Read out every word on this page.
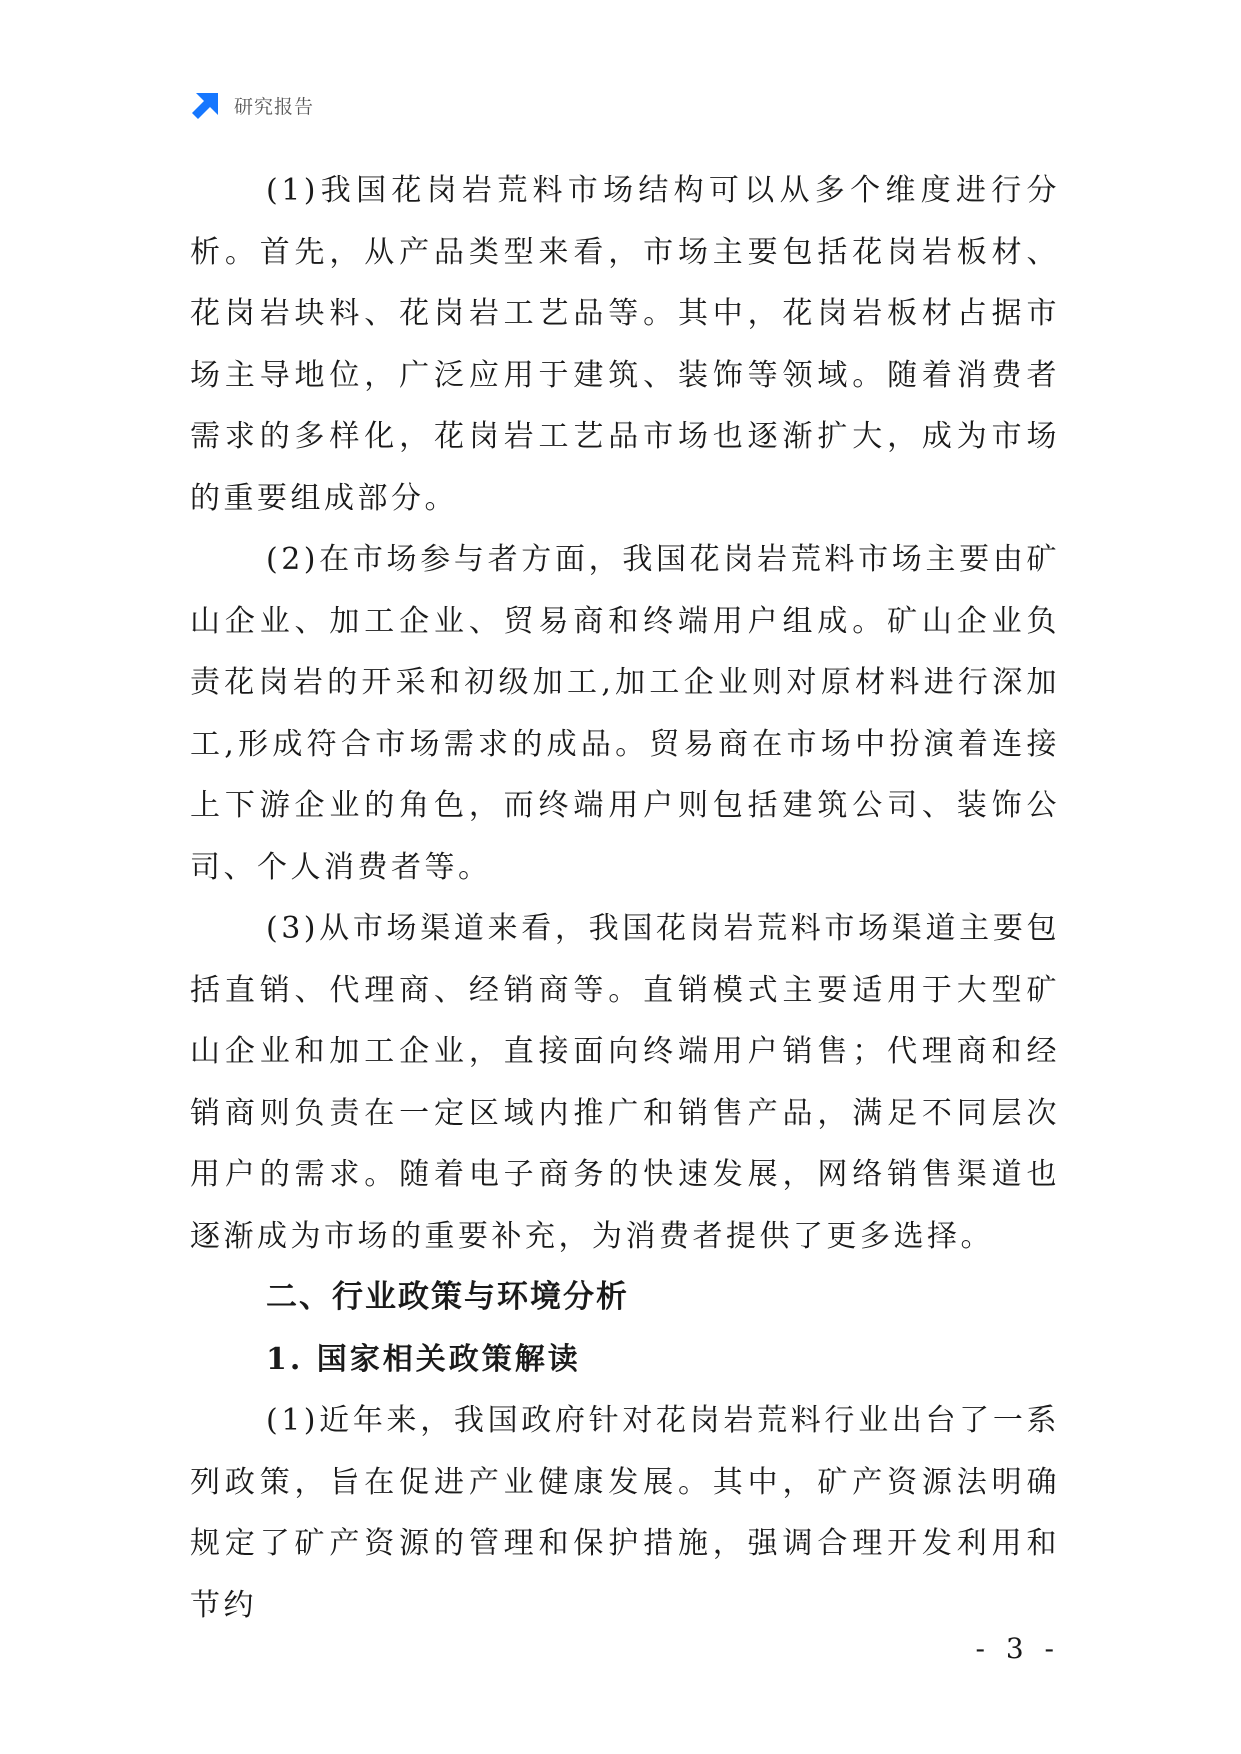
研究报告

(1)我国花岗岩荒料市场结构可以从多个维度进行分析。首先，从产品类型来看，市场主要包括花岗岩板材、花岗岩块料、花岗岩工艺品等。其中，花岗岩板材占据市场主导地位，广泛应用于建筑、装饰等领域。随着消费者需求的多样化，花岗岩工艺品市场也逐渐扩大，成为市场的重要组成部分。

(2)在市场参与者方面，我国花岗岩荒料市场主要由矿山企业、加工企业、贸易商和终端用户组成。矿山企业负责花岗岩的开采和初级加工,加工企业则对原材料进行深加工,形成符合市场需求的成品。贸易商在市场中扮演着连接上下游企业的角色，而终端用户则包括建筑公司、装饰公司、个人消费者等。

(3)从市场渠道来看，我国花岗岩荒料市场渠道主要包括直销、代理商、经销商等。直销模式主要适用于大型矿山企业和加工企业，直接面向终端用户销售；代理商和经销商则负责在一定区域内推广和销售产品，满足不同层次用户的需求。随着电子商务的快速发展，网络销售渠道也逐渐成为市场的重要补充，为消费者提供了更多选择。

二、行业政策与环境分析
1. 国家相关政策解读

(1)近年来，我国政府针对花岗岩荒料行业出台了一系列政策，旨在促进产业健康发展。其中，矿产资源法明确规定了矿产资源的管理和保护措施，强调合理开发利用和节约

- 3 -
